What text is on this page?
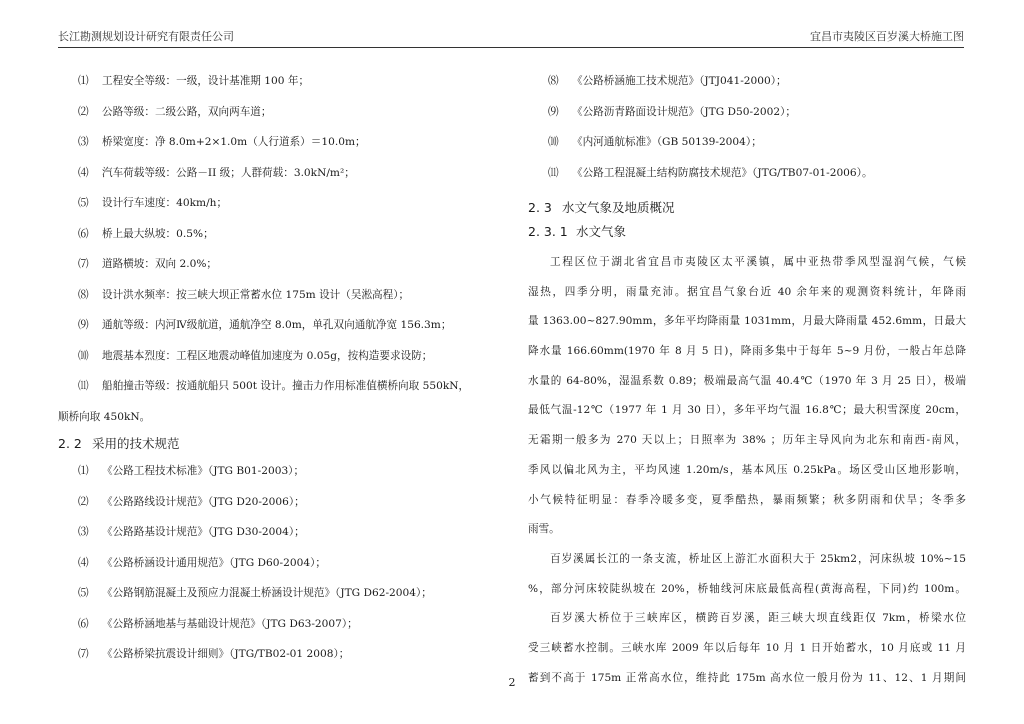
长江勘测规划设计研究有限责任公司	宜昌市夷陵区百岁溪大桥施工图
⑴ 工程安全等级：一级，设计基准期 100 年；
⑵ 公路等级：二级公路，双向两车道；
⑶ 桥梁宽度：净 8.0m+2×1.0m（人行道系）＝10.0m；
⑷ 汽车荷载等级：公路－II 级；人群荷载：3.0kN/m²；
⑸ 设计行车速度：40km/h；
⑹ 桥上最大纵坡：0.5%；
⑺ 道路横坡：双向 2.0%；
⑻ 设计洪水频率：按三峡大坝正常蓄水位 175m 设计（吴淞高程）；
⑼ 通航等级：内河Ⅳ级航道，通航净空 8.0m，单孔双向通航净宽 156.3m；
⑽ 地震基本烈度：工程区地震动峰值加速度为 0.05g，按构造要求设防；
⑾ 船舶撞击等级：按通航船只 500t 设计。撞击力作用标准值横桥向取 550kN，
顺桥向取 450kN。
2. 2 采用的技术规范
⑴ 《公路工程技术标准》（JTG B01-2003）；
⑵ 《公路路线设计规范》（JTG D20-2006）；
⑶ 《公路路基设计规范》（JTG D30-2004）；
⑷ 《公路桥涵设计通用规范》（JTG D60-2004）；
⑸ 《公路钢筋混凝土及预应力混凝土桥涵设计规范》（JTG D62-2004）；
⑹ 《公路桥涵地基与基础设计规范》（JTG D63-2007）；
⑺ 《公路桥梁抗震设计细则》（JTG/TB02-01 2008）；
⑻ 《公路桥涵施工技术规范》（JTJ041-2000）；
⑼ 《公路沥青路面设计规范》（JTG D50-2002）；
⑽ 《内河通航标准》（GB 50139-2004）；
⑾ 《公路工程混凝土结构防腐技术规范》（JTG/TB07-01-2006）。
2. 3 水文气象及地质概况
2. 3. 1 水文气象
工程区位于湖北省宜昌市夷陵区太平溪镇，属中亚热带季风型湿润气候，气候
湿热，四季分明，雨量充沛。据宜昌气象台近 40 余年来的观测资料统计，年降雨
量 1363.00~827.90mm，多年平均降雨量 1031mm，月最大降雨量 452.6mm，日最大
降水量 166.60mm(1970 年 8 月 5 日)，降雨多集中于每年 5~9 月份，一般占年总降
水量的 64-80%，湿温系数 0.89；极端最高气温 40.4℃（1970 年 3 月 25 日），极端
最低气温-12℃（1977 年 1 月 30 日），多年平均气温 16.8℃；最大积雪深度 20cm，
无霜期一般多为 270 天以上；日照率为 38% ；历年主导风向为北东和南西-南风，
季风以偏北风为主，平均风速 1.20m/s，基本风压 0.25kPa。场区受山区地形影响，
小气候特征明显：春季冷暖多变，夏季酷热，暴雨频繁；秋多阴雨和伏旱；冬季多
雨雪。
百岁溪属长江的一条支流，桥址区上游汇水面积大于 25km2，河床纵坡 10%~15
%，部分河床较陡纵坡在 20%，桥轴线河床底最低高程(黄海高程，下同)约 100m。
百岁溪大桥位于三峡库区，横跨百岁溪，距三峡大坝直线距仅 7km，桥梁水位
受三峡蓄水控制。三峡水库 2009 年以后每年 10 月 1 日开始蓄水，10 月底或 11 月
蓄到不高于 175m 正常高水位，维持此 175m 高水位一般月份为 11、12、1 月期间
2
